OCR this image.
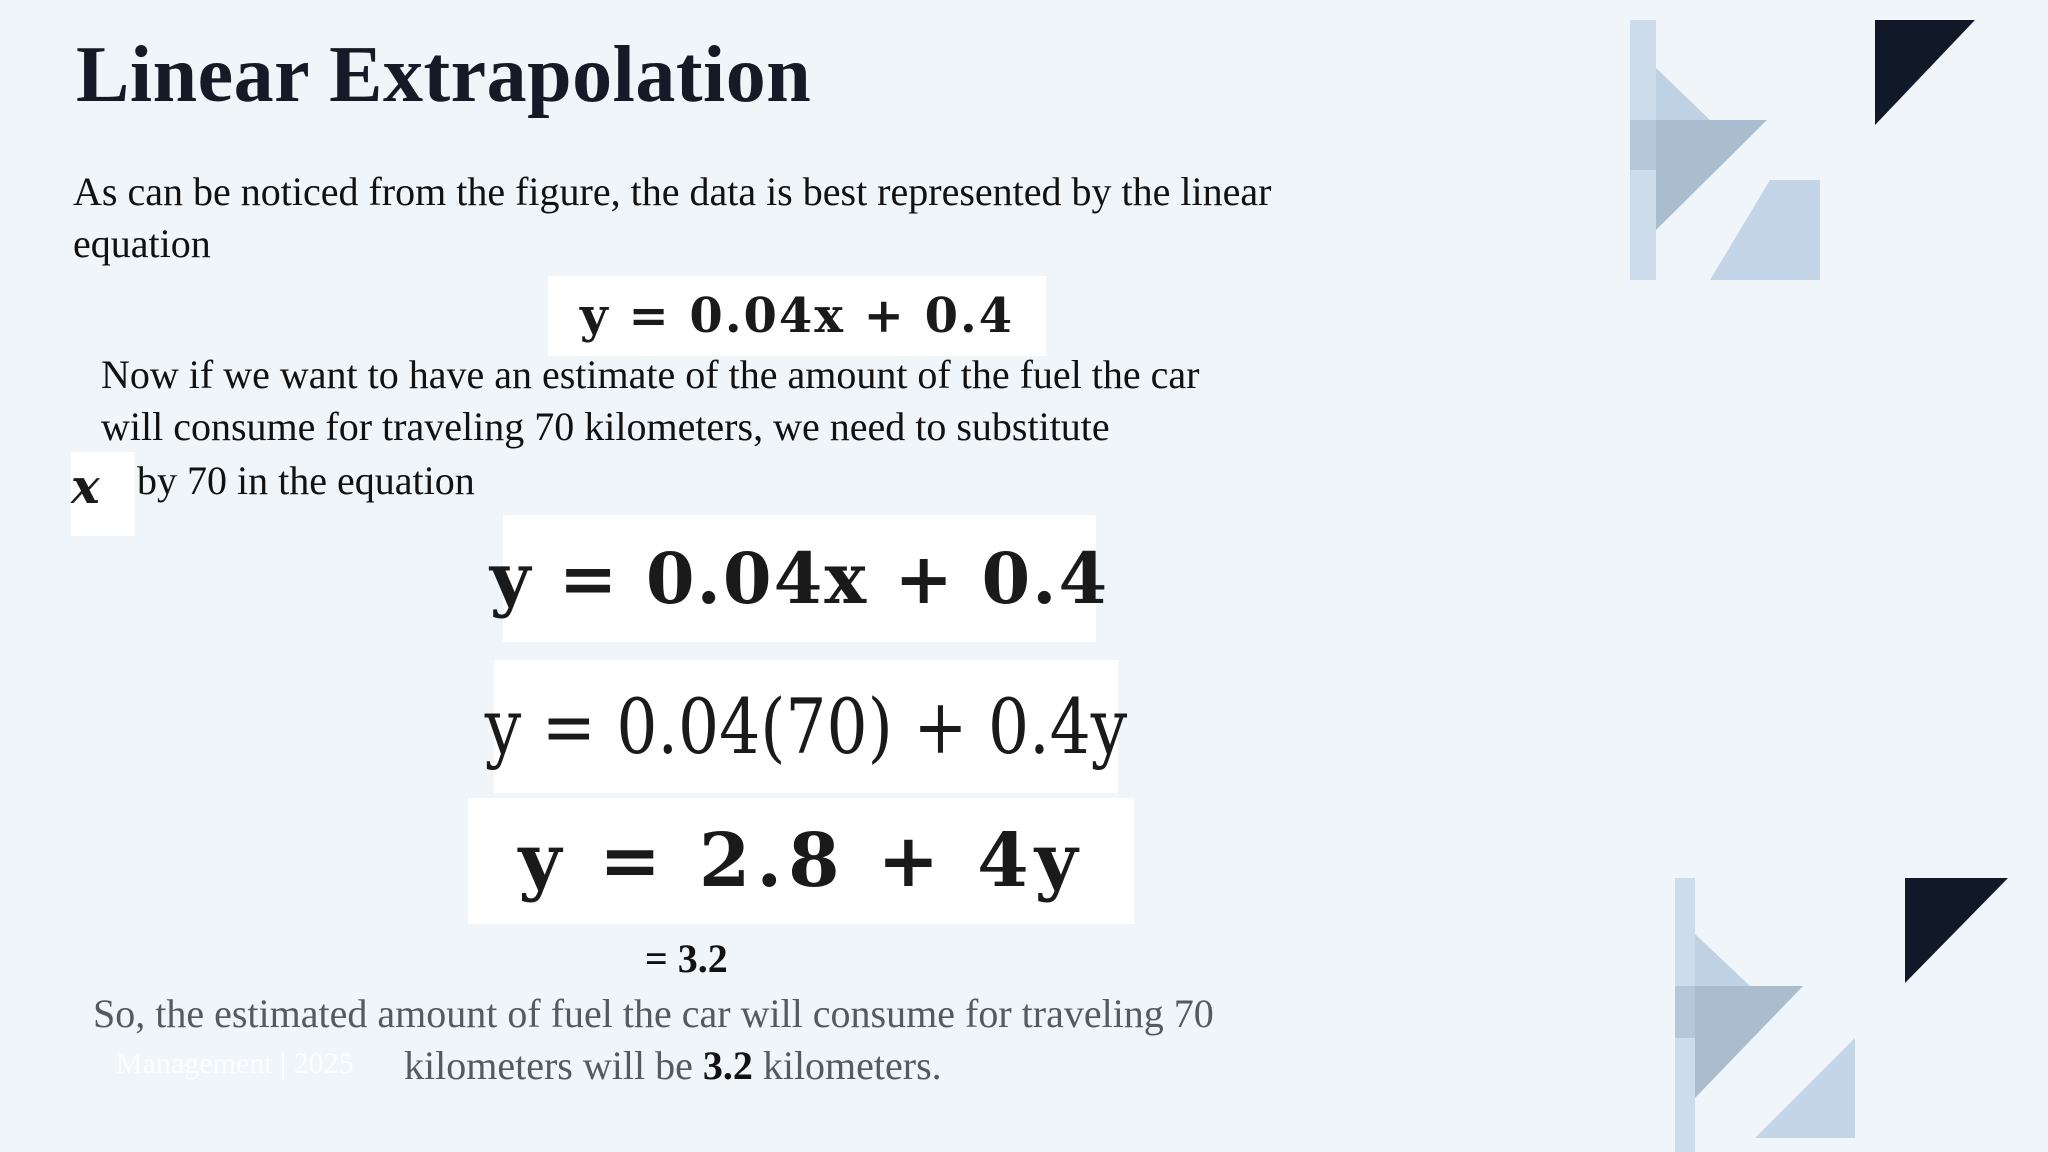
Linear Extrapolation
As can be noticed from the figure, the data is best represented by the linear
equation
y = 0.04x + 0.4
Now if we want to have an estimate of the amount of the fuel the car
will consume for traveling 70 kilometers, we need to substitute
x by 70 in the equation
y = 0.04x + 0.4
y = 0.04(70) + 0.4y
y = 2.8 + 4y
= 3.2
So, the estimated amount of fuel the car will consume for traveling 70
Management | 2025 kilometers will be 3.2 kilometers.
